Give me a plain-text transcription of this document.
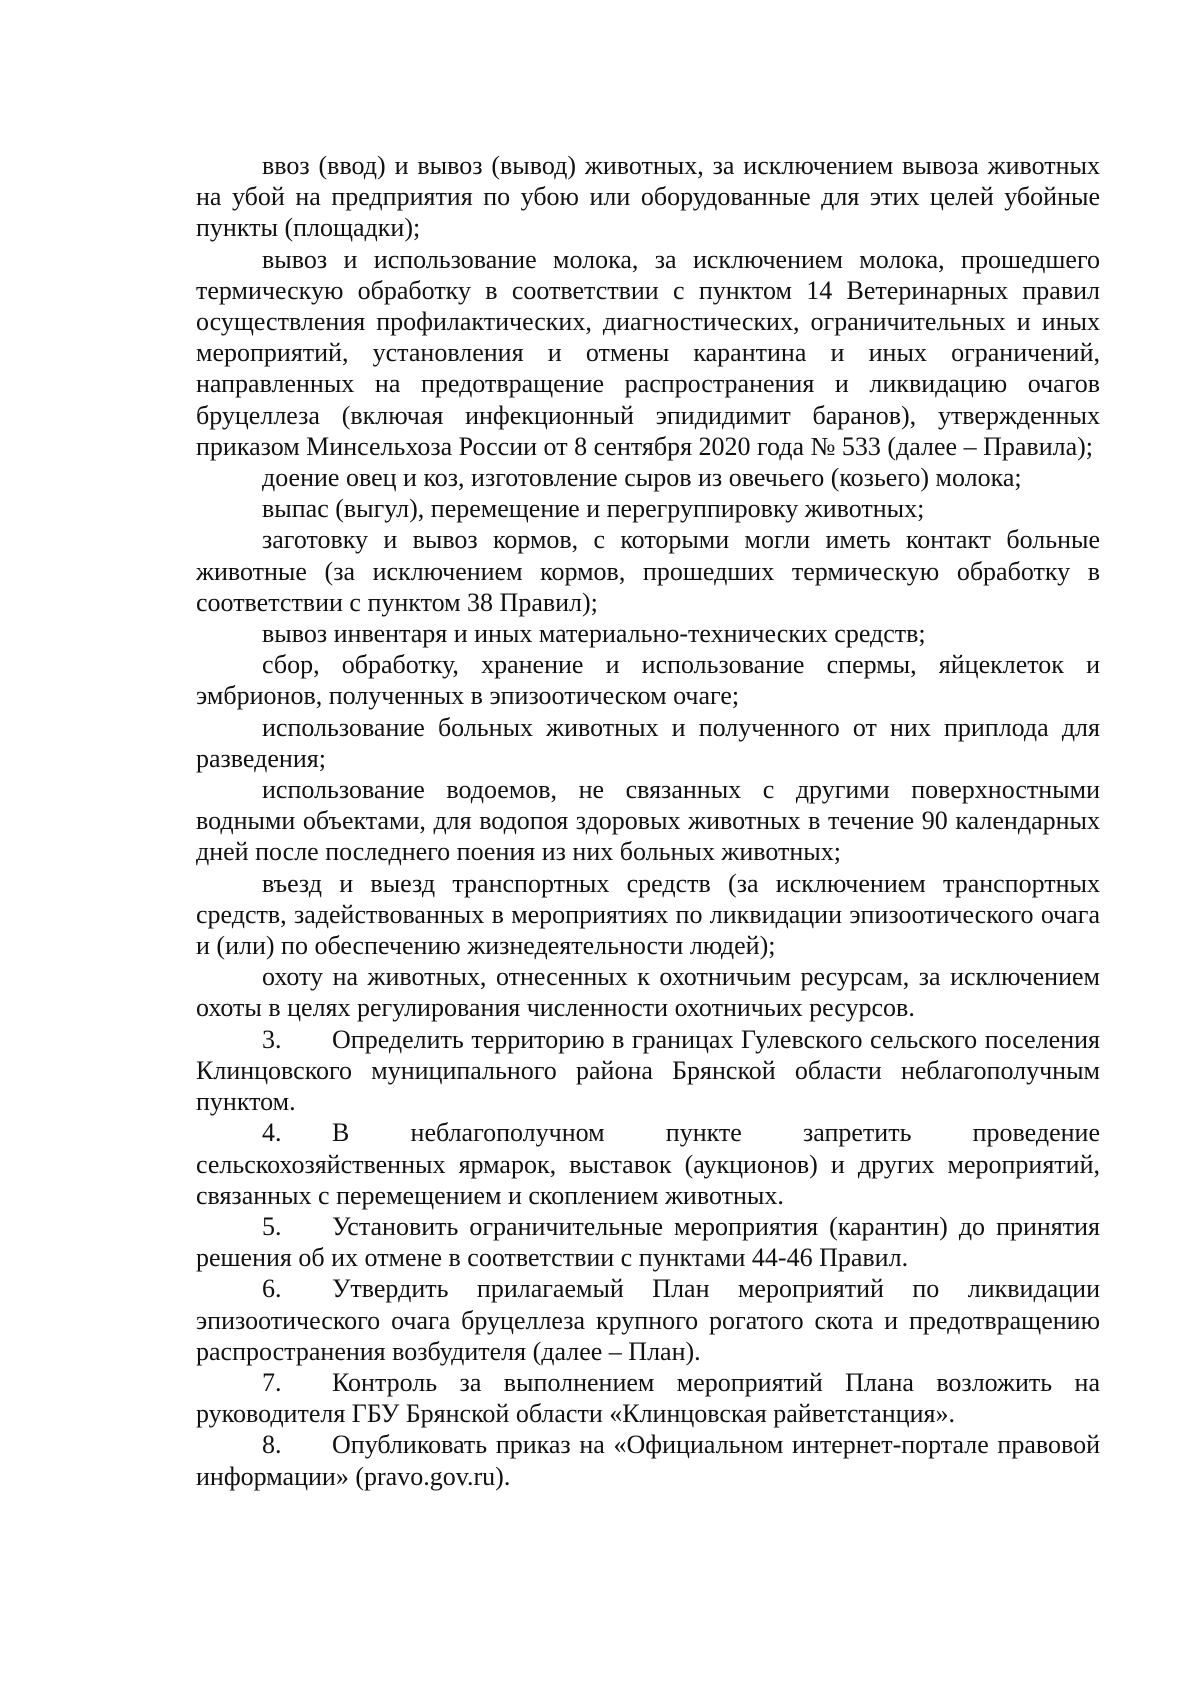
ввоз (ввод) и вывоз (вывод) животных, за исключением вывоза животных на убой на предприятия по убою или оборудованные для этих целей убойные пункты (площадки);

вывоз и использование молока, за исключением молока, прошедшего термическую обработку в соответствии с пунктом 14 Ветеринарных правил осуществления профилактических, диагностических, ограничительных и иных мероприятий, установления и отмены карантина и иных ограничений, направленных на предотвращение распространения и ликвидацию очагов бруцеллеза (включая инфекционный эпидидимит баранов), утвержденных приказом Минсельхоза России от 8 сентября 2020 года № 533 (далее – Правила);

доение овец и коз, изготовление сыров из овечьего (козьего) молока;

выпас (выгул), перемещение и перегруппировку животных;

заготовку и вывоз кормов, с которыми могли иметь контакт больные животные (за исключением кормов, прошедших термическую обработку в соответствии с пунктом 38 Правил);

вывоз инвентаря и иных материально-технических средств;

сбор, обработку, хранение и использование спермы, яйцеклеток и эмбрионов, полученных в эпизоотическом очаге;

использование больных животных и полученного от них приплода для разведения;

использование водоемов, не связанных с другими поверхностными водными объектами, для водопоя здоровых животных в течение 90 календарных дней после последнего поения из них больных животных;

въезд и выезд транспортных средств (за исключением транспортных средств, задействованных в мероприятиях по ликвидации эпизоотического очага и (или) по обеспечению жизнедеятельности людей);

охоту на животных, отнесенных к охотничьим ресурсам, за исключением охоты в целях регулирования численности охотничьих ресурсов.

3. Определить территорию в границах Гулевского сельского поселения Клинцовского муниципального района Брянской области неблагополучным пунктом.

4. В неблагополучном пункте запретить проведение сельскохозяйственных ярмарок, выставок (аукционов) и других мероприятий, связанных с перемещением и скоплением животных.

5. Установить ограничительные мероприятия (карантин) до принятия решения об их отмене в соответствии с пунктами 44-46 Правил.

6. Утвердить прилагаемый План мероприятий по ликвидации эпизоотического очага бруцеллеза крупного рогатого скота и предотвращению распространения возбудителя (далее – План).

7. Контроль за выполнением мероприятий Плана возложить на руководителя ГБУ Брянской области «Клинцовская райветстанция».

8. Опубликовать приказ на «Официальном интернет-портале правовой информации» (pravo.gov.ru).
